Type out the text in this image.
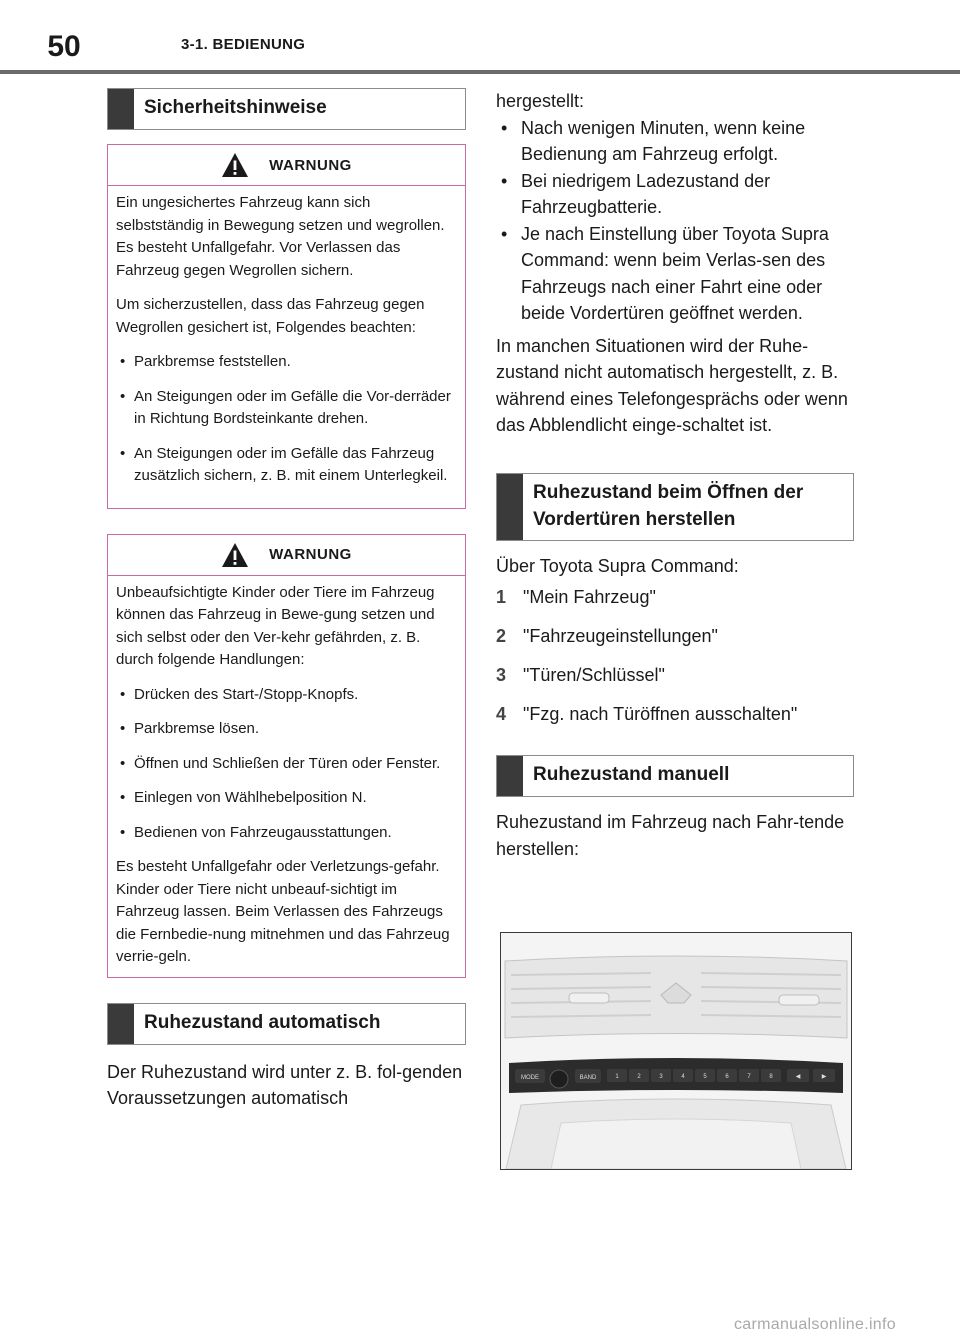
50	3-1. BEDIENUNG
Sicherheitshinweise
WARNUNG

Ein ungesichertes Fahrzeug kann sich selbstständig in Bewegung setzen und wegrollen. Es besteht Unfallgefahr. Vor Verlassen das Fahrzeug gegen Wegrollen sichern.

Um sicherzustellen, dass das Fahrzeug gegen Wegrollen gesichert ist, Folgendes beachten:

• Parkbremse feststellen.
• An Steigungen oder im Gefälle die Vor-derräder in Richtung Bordsteinkante drehen.
• An Steigungen oder im Gefälle das Fahrzeug zusätzlich sichern, z. B. mit einem Unterlegkeil.
WARNUNG

Unbeaufsichtigte Kinder oder Tiere im Fahrzeug können das Fahrzeug in Bewe-gung setzen und sich selbst oder den Ver-kehr gefährden, z. B. durch folgende Handlungen:

• Drücken des Start-/Stopp-Knopfs.
• Parkbremse lösen.
• Öffnen und Schließen der Türen oder Fenster.
• Einlegen von Wählhebelposition N.
• Bedienen von Fahrzeugausstattungen.

Es besteht Unfallgefahr oder Verletzungs-gefahr. Kinder oder Tiere nicht unbeauf-sichtigt im Fahrzeug lassen. Beim Verlassen des Fahrzeugs die Fernbedie-nung mitnehmen und das Fahrzeug verrie-geln.

Ruhezustand automatisch

Der Ruhezustand wird unter z. B. fol-genden Voraussetzungen automatisch

hergestellt:

• Nach wenigen Minuten, wenn keine Bedienung am Fahrzeug erfolgt.
• Bei niedrigem Ladezustand der Fahrzeugbatterie.
• Je nach Einstellung über Toyota Supra Command: wenn beim Verlas-sen des Fahrzeugs nach einer Fahrt eine oder beide Vordertüren geöffnet werden.

In manchen Situationen wird der Ruhe-zustand nicht automatisch hergestellt, z. B. während eines Telefongesprächs oder wenn das Abblendlicht einge-schaltet ist.

Ruhezustand beim Öffnen der Vordertüren herstellen

Über Toyota Supra Command:

1 "Mein Fahrzeug"
2 "Fahrzeugeinstellungen"
3 "Türen/Schlüssel"
4 "Fzg. nach Türöffnen ausschalten"
Ruhezustand manuell

Ruhezustand im Fahrzeug nach Fahr-tende herstellen:

MODE	BAND	1	2	3	4	5	6	7	8	◀	▶
carmanualsonline.info
